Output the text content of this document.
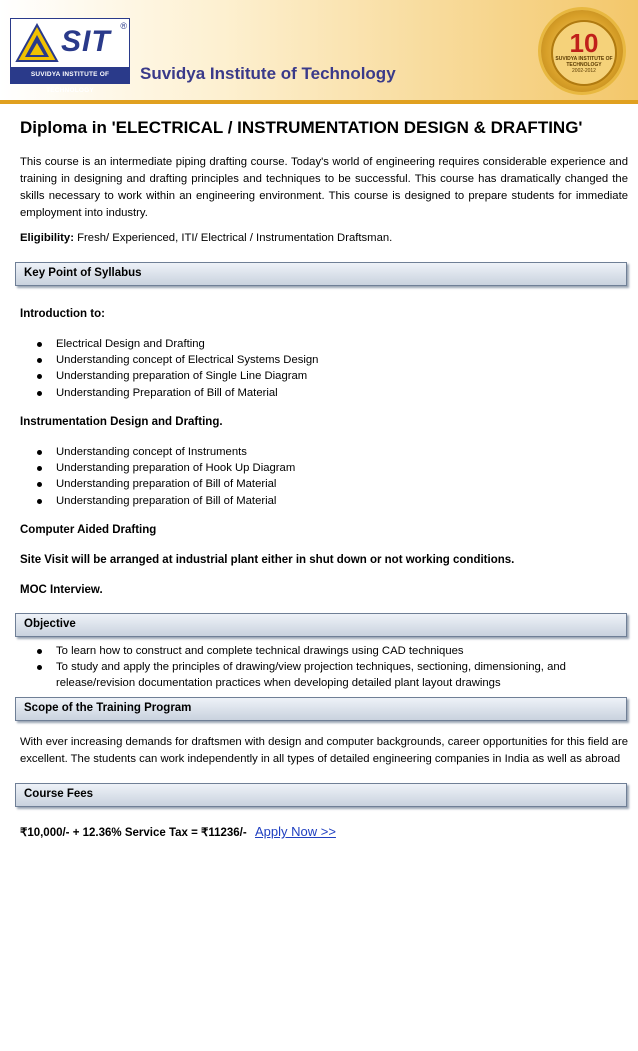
SIT ®
SUVIDYA INSTITUTE OF TECHNOLOGY
Suvidya Institute of Technology
10
SUVIDYA INSTITUTE OF TECHNOLOGY
2002-2012
Diploma in 'ELECTRICAL / INSTRUMENTATION DESIGN & DRAFTING'
This course is an intermediate piping drafting course. Today's world of engineering requires considerable experience and training in designing and drafting principles and techniques to be successful. This course has dramatically changed the skills necessary to work within an engineering environment. This course is designed to prepare students for immediate employment into industry.
Eligibility: Fresh/ Experienced, ITI/ Electrical / Instrumentation Draftsman.
Key Point of Syllabus
Introduction to:
Electrical Design and Drafting
Understanding concept of Electrical Systems Design
Understanding preparation of Single Line Diagram
Understanding Preparation of Bill of Material
Instrumentation Design and Drafting.
Understanding concept of Instruments
Understanding preparation of Hook Up Diagram
Understanding preparation of Bill of Material
Understanding preparation of Bill of Material
Computer Aided Drafting
Site Visit will be arranged at industrial plant either in shut down or not working conditions.
MOC Interview.
Objective
To learn how to construct and complete technical drawings using CAD techniques
To study and apply the principles of drawing/view projection techniques, sectioning, dimensioning, and release/revision documentation practices when developing detailed plant layout drawings
Scope of the Training Program
With ever increasing demands for draftsmen with design and computer backgrounds, career opportunities for this field are excellent. The students can work independently in all types of detailed engineering companies in India as well as abroad
Course Fees
₹10,000/- + 12.36% Service Tax = ₹11236/- Apply Now >>
